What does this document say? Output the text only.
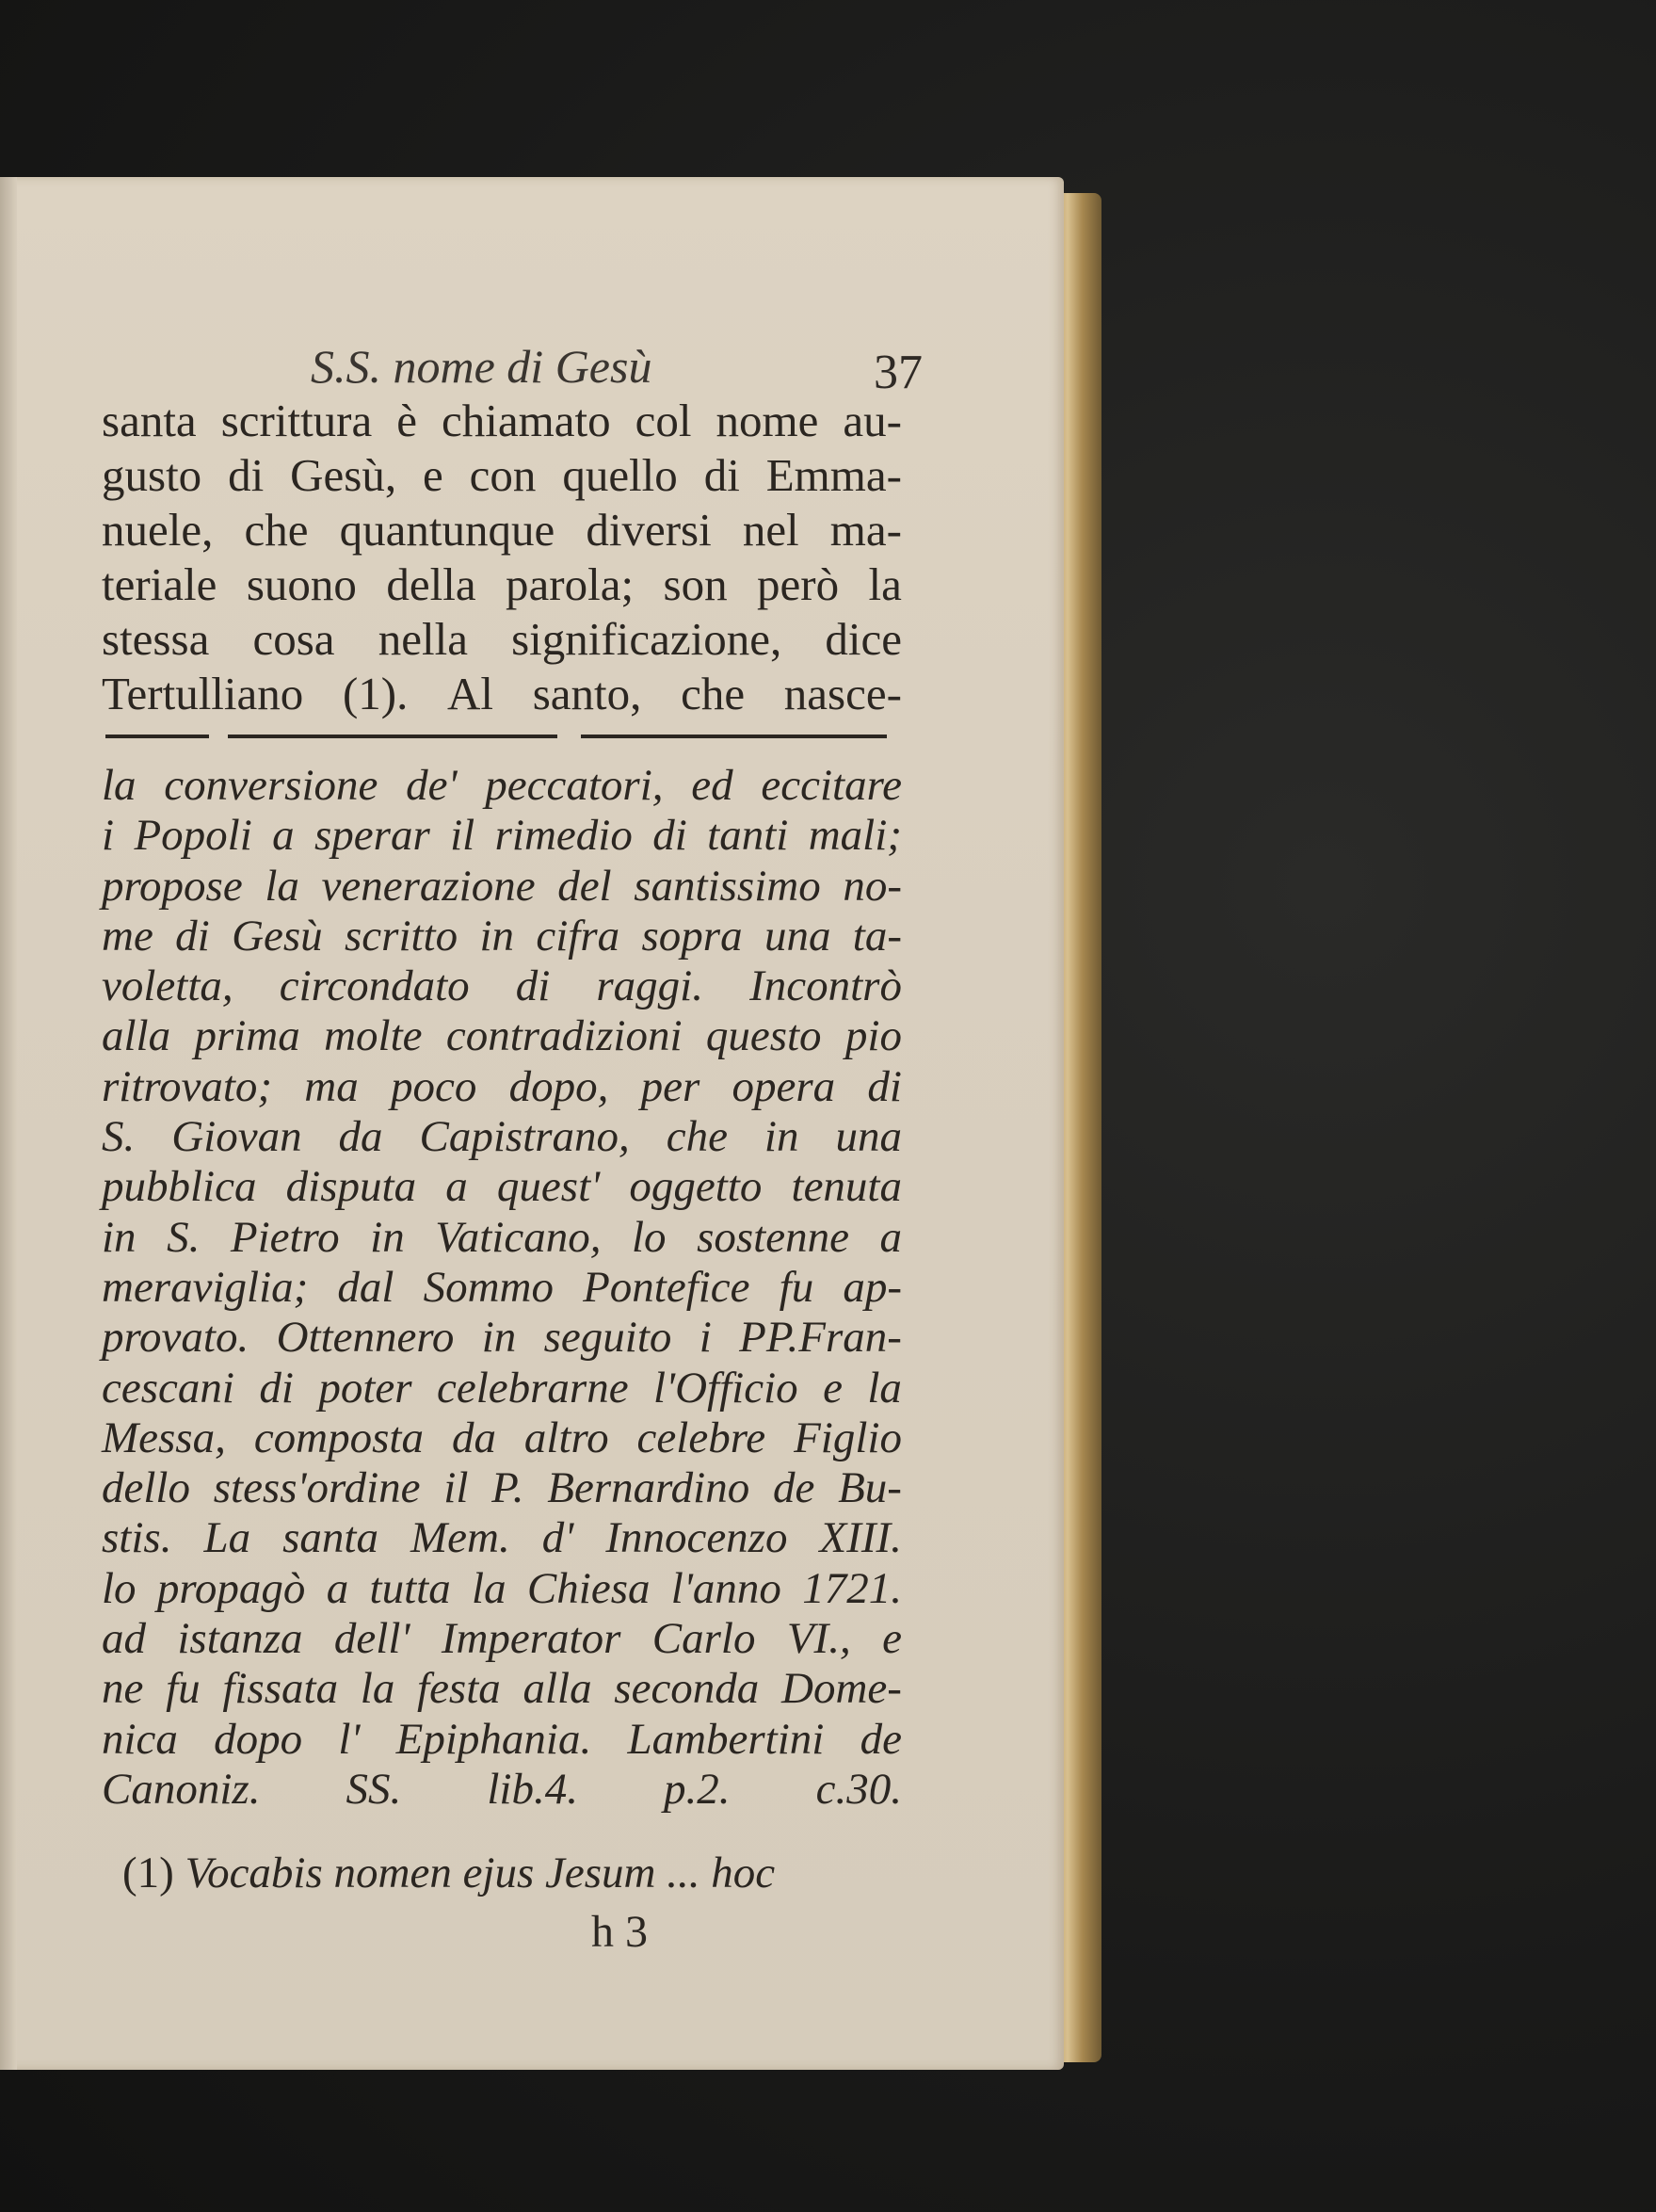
S.S. nome di Gesù	37
santa scrittura è chiamato col nome au-
gusto di Gesù, e con quello di Emma-
nuele, che quantunque diversi nel ma-
teriale suono della parola; son però la
stessa cosa nella significazione, dice
Tertulliano (1). Al santo, che nasce-
la conversione de' peccatori, ed eccitare
i Popoli a sperar il rimedio di tanti mali;
propose la venerazione del santissimo no-
me di Gesù scritto in cifra sopra una ta-
voletta, circondato di raggi. Incontrò
alla prima molte contradizioni questo pio
ritrovato; ma poco dopo, per opera di
S. Giovan da Capistrano, che in una
pubblica disputa a quest' oggetto tenuta
in S. Pietro in Vaticano, lo sostenne a
meraviglia; dal Sommo Pontefice fu ap-
provato. Ottennero in seguito i PP.Fran-
cescani di poter celebrarne l'Officio e la
Messa, composta da altro celebre Figlio
dello stess'ordine il P. Bernardino de Bu-
stis. La santa Mem. d' Innocenzo XIII.
lo propagò a tutta la Chiesa l'anno 1721.
ad istanza dell' Imperator Carlo VI., e
ne fu fissata la festa alla seconda Dome-
nica dopo l' Epiphania. Lambertini de
Canoniz. SS. lib.4. p.2. c.30.
(1) Vocabis nomen ejus Jesum ... hoc
h 3
